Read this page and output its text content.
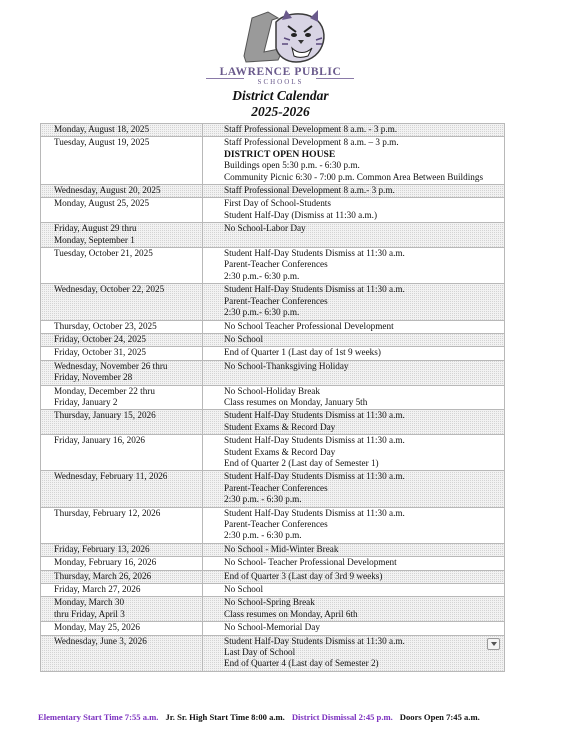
LAWRENCE PUBLIC
SCHOOLS
District Calendar
2025-2026
Monday, August 18, 2025	Staff Professional Development 8 a.m. - 3 p.m.

Tuesday, August 19, 2025	Staff Professional Development 8 a.m. – 3 p.m.
DISTRICT OPEN HOUSE
Buildings open 5:30 p.m. - 6:30 p.m.
Community Picnic 6:30 - 7:00 p.m. Common Area Between Buildings

Wednesday, August 20, 2025	Staff Professional Development 8 a.m.- 3 p.m.

Monday, August 25, 2025	First Day of School-Students
Student Half-Day (Dismiss at 11:30 a.m.)

Friday, August 29 thru
Monday, September 1	No School-Labor Day

Tuesday, October 21, 2025	Student Half-Day Students Dismiss at 11:30 a.m.
Parent-Teacher Conferences
2:30 p.m.- 6:30 p.m.

Wednesday, October 22, 2025	Student Half-Day Students Dismiss at 11:30 a.m.
Parent-Teacher Conferences
2:30 p.m.- 6:30 p.m.

Thursday, October 23, 2025	No School Teacher Professional Development

Friday, October 24, 2025	No School

Friday, October 31, 2025	End of Quarter 1 (Last day of 1st 9 weeks)

Wednesday, November 26 thru
Friday, November 28	No School-Thanksgiving Holiday

Monday, December 22 thru
Friday, January 2	No School-Holiday Break
Class resumes on Monday, January 5th

Thursday, January 15, 2026	Student Half-Day Students Dismiss at 11:30 a.m.
Student Exams & Record Day

Friday, January 16, 2026	Student Half-Day Students Dismiss at 11:30 a.m.
Student Exams & Record Day
End of Quarter 2 (Last day of Semester 1)

Wednesday, February 11, 2026	Student Half-Day Students Dismiss at 11:30 a.m.
Parent-Teacher Conferences
2:30 p.m. - 6:30 p.m.

Thursday, February 12, 2026	Student Half-Day Students Dismiss at 11:30 a.m.
Parent-Teacher Conferences
2:30 p.m. - 6:30 p.m.

Friday, February 13, 2026	No School - Mid-Winter Break

Monday, February 16, 2026	No School- Teacher Professional Development

Thursday, March 26, 2026	End of Quarter 3 (Last day of 3rd 9 weeks)

Friday, March 27, 2026	No School

Monday, March 30
thru Friday, April 3	No School-Spring Break
Class resumes on Monday, April 6th

Monday, May 25, 2026	No School-Memorial Day

Wednesday, June 3, 2026	Student Half-Day Students Dismiss at 11:30 a.m.
Last Day of School
End of Quarter 4 (Last day of Semester 2)
Elementary Start Time 7:55 a.m. Jr. Sr. High Start Time 8:00 a.m. District Dismissal 2:45 p.m. Doors Open 7:45 a.m.
